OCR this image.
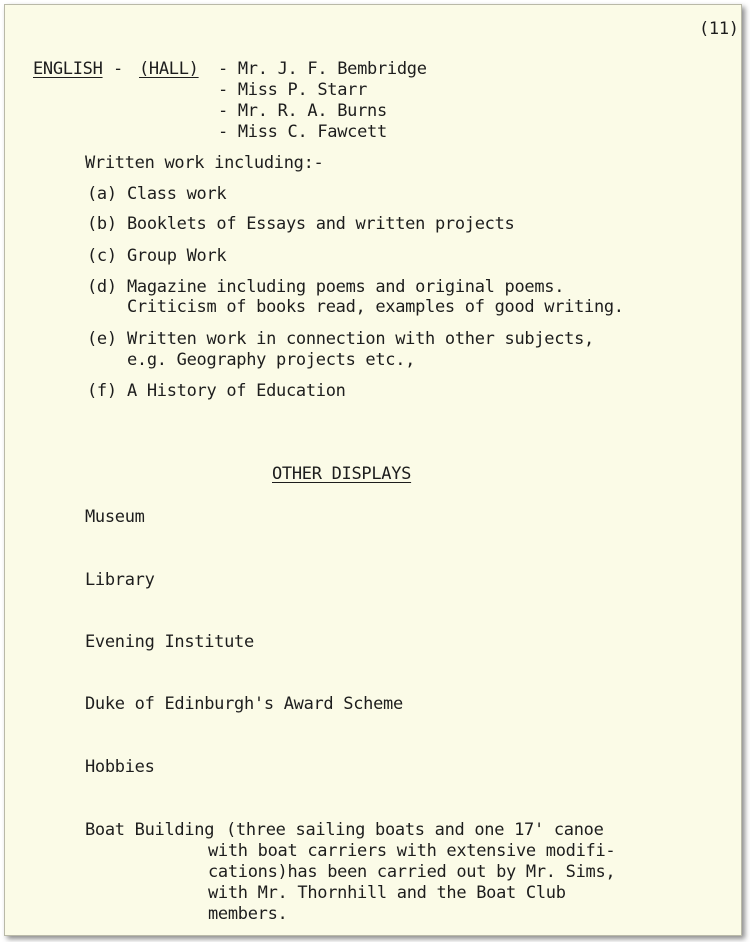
(11)
ENGLISH - (HALL) - Mr. J. F. Bembridge
- Miss P. Starr
- Mr. R. A. Burns
- Miss C. Fawcett
Written work including:-
(a) Class work
(b) Booklets of Essays and written projects
(c) Group Work
(d) Magazine including poems and original poems.
Criticism of books read, examples of good writing.
(e) Written work in connection with other subjects,
e.g. Geography projects etc.,
(f) A History of Education
OTHER DISPLAYS
Museum
Library
Evening Institute
Duke of Edinburgh's Award Scheme
Hobbies
Boat Building (three sailing boats and one 17' canoe
with boat carriers with extensive modifi-
cations)has been carried out by Mr. Sims,
with Mr. Thornhill and the Boat Club
members.
